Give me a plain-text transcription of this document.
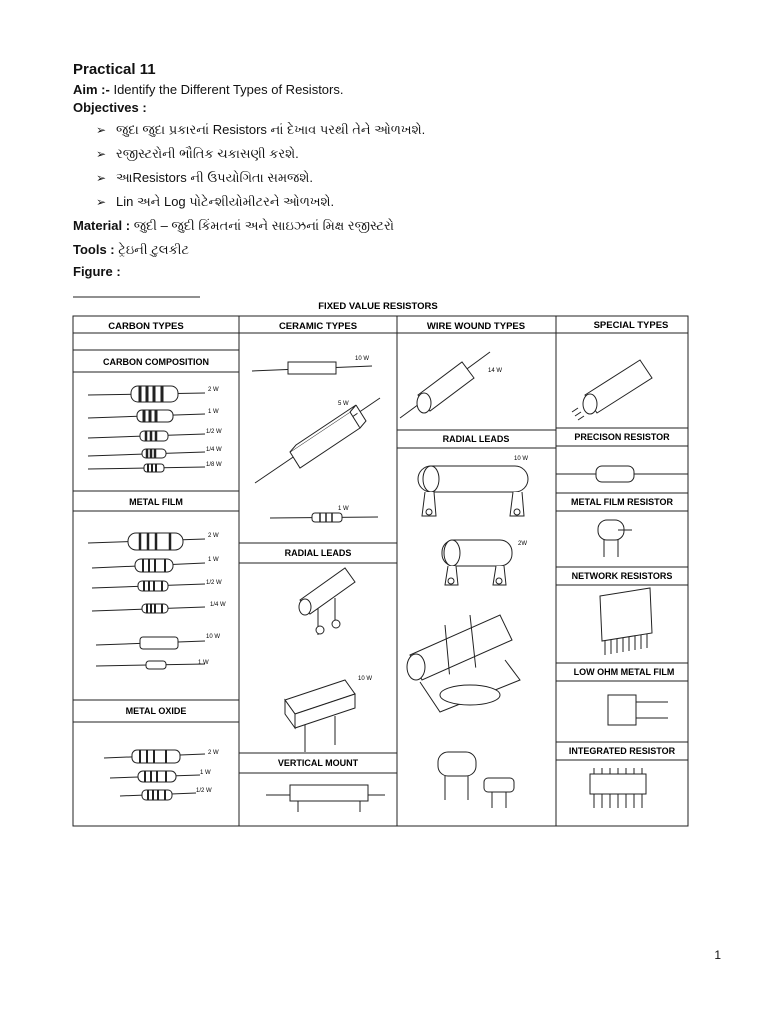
Practical 11
Aim :- Identify the Different Types of Resistors.
Objectives :
➢ જુદા જુદા પ્રકારનાં Resistors નાં દેખાવ પરથી તેને ઓળખશે.
➢ રજીસ્ટરોની ભૌતિક ચકાસણી કરશે.
➢ આResistors ની ઉપયોગિતા સમજશે.
➢ Lin અને Log પોટેન્શીયોમીટરને ઓળખશે.
Material : જુદી – જુદી કિંમતનાં અને સાઇઝનાં મિક્ષ રજીસ્ટરો
Tools : ટ્રેઇની ટુલકીટ
Figure :
FIXED VALUE RESISTORS
CARBON TYPES	CERAMIC TYPES	WIRE WOUND TYPES	SPECIAL TYPES
CARBON COMPOSITION
METAL FILM
METAL OXIDE
RADIAL LEADS
VERTICAL MOUNT
RADIAL LEADS	PRECISON RESISTOR
METAL FILM RESISTOR
NETWORK RESISTORS
LOW OHM METAL FILM
INTEGRATED RESISTOR
2 W
1 W
1/2 W
1/4 W
1/8 W
2 W
1 W
1/2 W
1/4 W
10 W
1 W
2 W
1 W
1/2 W
10 W
5 W
1 W
10 W
14 W
10 W
2W
1
